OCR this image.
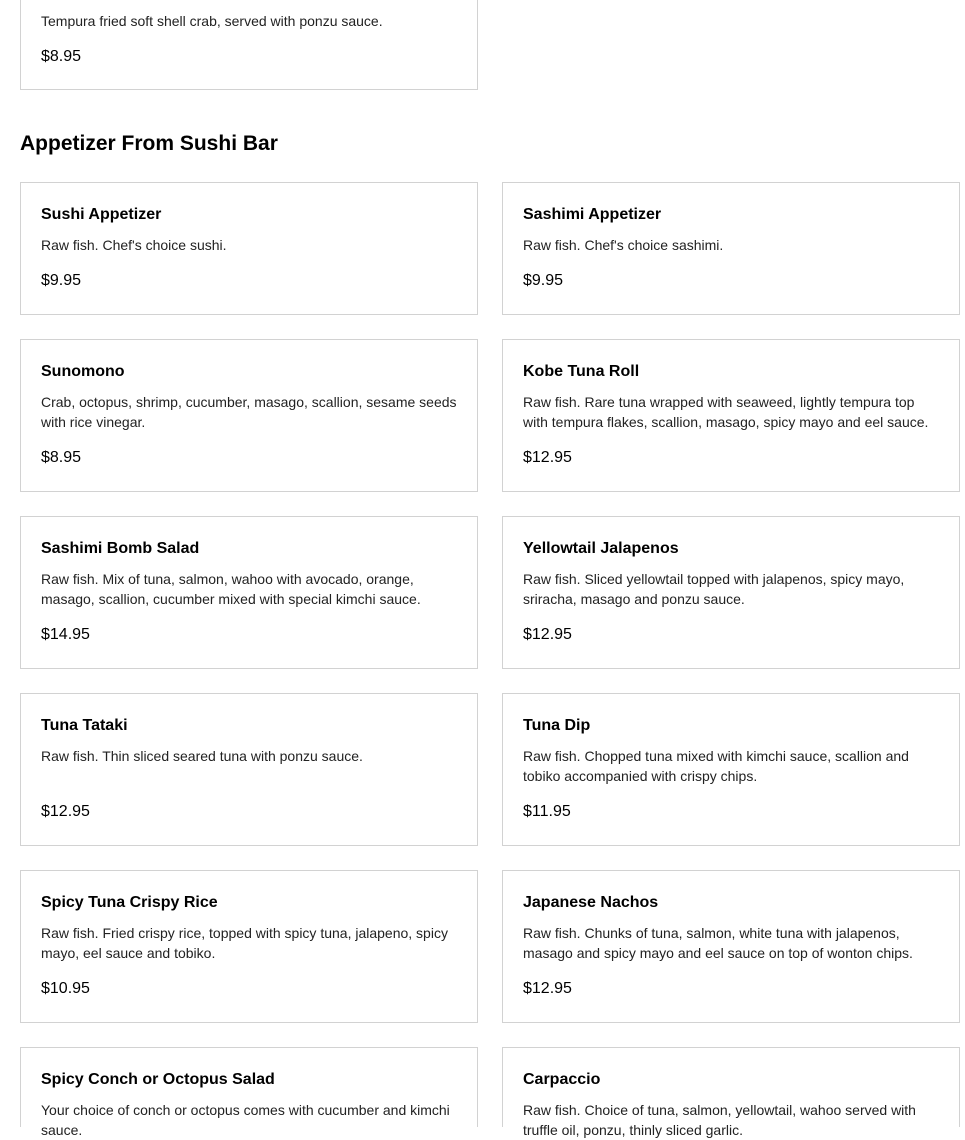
Tempura fried soft shell crab, served with ponzu sauce.
$8.95
Appetizer From Sushi Bar
Sushi Appetizer
Raw fish. Chef's choice sushi.
$9.95
Sashimi Appetizer
Raw fish. Chef's choice sashimi.
$9.95
Sunomono
Crab, octopus, shrimp, cucumber, masago, scallion, sesame seeds with rice vinegar.
$8.95
Kobe Tuna Roll
Raw fish. Rare tuna wrapped with seaweed, lightly tempura top with tempura flakes, scallion, masago, spicy mayo and eel sauce.
$12.95
Sashimi Bomb Salad
Raw fish. Mix of tuna, salmon, wahoo with avocado, orange, masago, scallion, cucumber mixed with special kimchi sauce.
$14.95
Yellowtail Jalapenos
Raw fish. Sliced yellowtail topped with jalapenos, spicy mayo, sriracha, masago and ponzu sauce.
$12.95
Tuna Tataki
Raw fish. Thin sliced seared tuna with ponzu sauce.
$12.95
Tuna Dip
Raw fish. Chopped tuna mixed with kimchi sauce, scallion and tobiko accompanied with crispy chips.
$11.95
Spicy Tuna Crispy Rice
Raw fish. Fried crispy rice, topped with spicy tuna, jalapeno, spicy mayo, eel sauce and tobiko.
$10.95
Japanese Nachos
Raw fish. Chunks of tuna, salmon, white tuna with jalapenos, masago and spicy mayo and eel sauce on top of wonton chips.
$12.95
Spicy Conch or Octopus Salad
Your choice of conch or octopus comes with cucumber and kimchi sauce.
Carpaccio
Raw fish. Choice of tuna, salmon, yellowtail, wahoo served with truffle oil, ponzu, thinly sliced garlic.
